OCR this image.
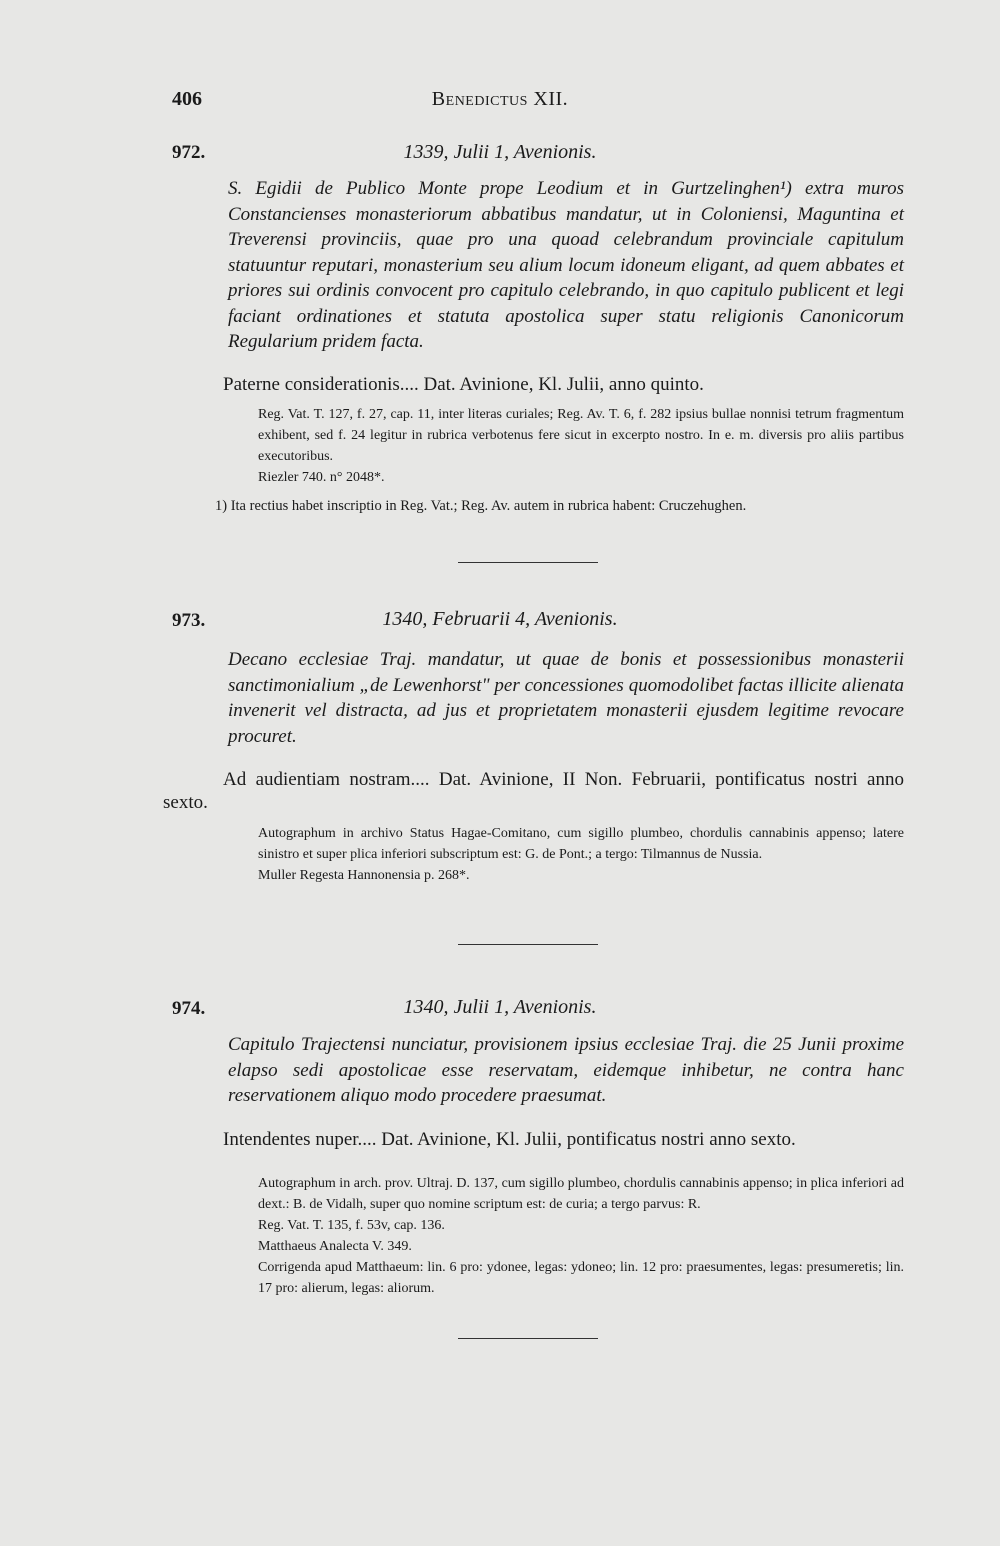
406	Benedictus XII.
972.	1339, Julii 1, Avenionis.
S. Egidii de Publico Monte prope Leodium et in Gurtzelinghen¹) extra muros Constancienses monasteriorum abbatibus mandatur, ut in Coloniensi, Maguntina et Treverensi provinciis, quae pro una quoad celebrandum provinciale capitulum statuuntur reputari, monasterium seu alium locum idoneum eligant, ad quem abbates et priores sui ordinis convocent pro capitulo celebrando, in quo capitulo publicent et legi faciant ordinationes et statuta apostolica super statu religionis Canonicorum Regularium pridem facta.
Paterne considerationis.... Dat. Avinione, Kl. Julii, anno quinto.
Reg. Vat. T. 127, f. 27, cap. 11, inter literas curiales; Reg. Av. T. 6, f. 282 ipsius bullae nonnisi tetrum fragmentum exhibent, sed f. 24 legitur in rubrica verbotenus fere sicut in excerpto nostro. In e. m. diversis pro aliis partibus executoribus.
Riezler 740. n° 2048*.
1) Ita rectius habet inscriptio in Reg. Vat.; Reg. Av. autem in rubrica habent: Cruczehughen.
973.	1340, Februarii 4, Avenionis.
Decano ecclesiae Traj. mandatur, ut quae de bonis et possessionibus monasterii sanctimonialium „de Lewenhorst" per concessiones quomodolibet factas illicite alienata invenerit vel distracta, ad jus et proprietatem monasterii ejusdem legitime revocare procuret.
Ad audientiam nostram.... Dat. Avinione, II Non. Februarii, pontificatus nostri anno sexto.
Autographum in archivo Status Hagae-Comitano, cum sigillo plumbeo, chordulis cannabinis appenso; latere sinistro et super plica inferiori subscriptum est: G. de Pont.; a tergo: Tilmannus de Nussia.
Muller Regesta Hannonensia p. 268*.
974.	1340, Julii 1, Avenionis.
Capitulo Trajectensi nunciatur, provisionem ipsius ecclesiae Traj. die 25 Junii proxime elapso sedi apostolicae esse reservatam, eidemque inhibetur, ne contra hanc reservationem aliquo modo procedere praesumat.
Intendentes nuper.... Dat. Avinione, Kl. Julii, pontificatus nostri anno sexto.
Autographum in arch. prov. Ultraj. D. 137, cum sigillo plumbeo, chordulis cannabinis appenso; in plica inferiori ad dext.: B. de Vidalh, super quo nomine scriptum est: de curia; a tergo parvus: R.
Reg. Vat. T. 135, f. 53v, cap. 136.
Matthaeus Analecta V. 349.
Corrigenda apud Matthaeum: lin. 6 pro: ydonee, legas: ydoneo; lin. 12 pro: praesumentes, legas: presumeretis; lin. 17 pro: alierum, legas: aliorum.
